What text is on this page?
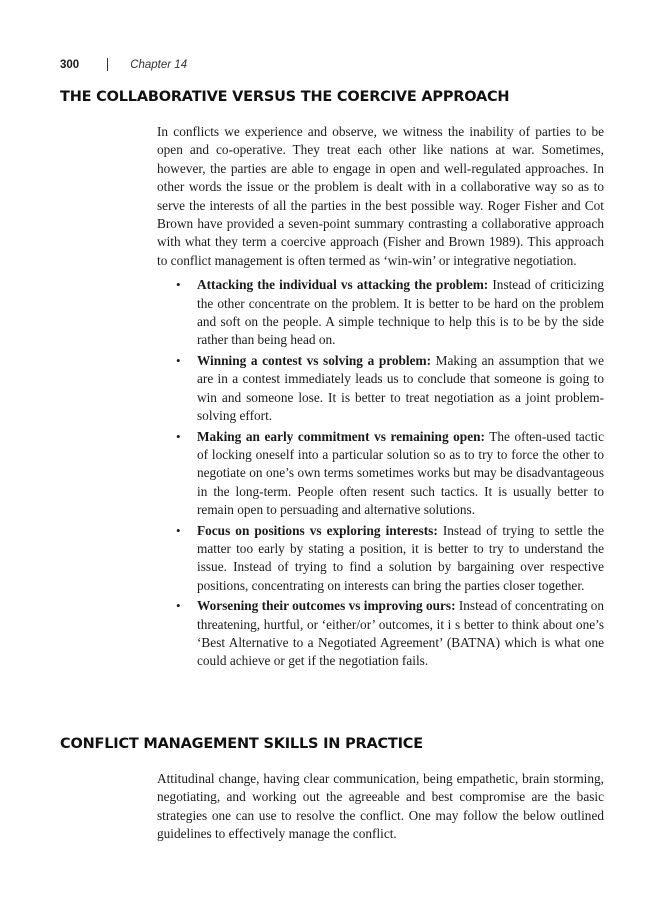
300	Chapter 14
THE COLLABORATIVE VERSUS THE COERCIVE APPROACH

In conflicts we experience and observe, we witness the inability of parties to be open and co-operative. They treat each other like nations at war. Sometimes, however, the parties are able to engage in open and well-regulated approaches. In other words the issue or the problem is dealt with in a collaborative way so as to serve the interests of all the parties in the best possible way. Roger Fisher and Cot Brown have provided a seven-point summary contrasting a collaborative approach with what they term a coercive approach (Fisher and Brown 1989). This approach to conflict management is often termed as ‘win-win’ or integrative negotiation.

• Attacking the individual vs attacking the problem: Instead of criticizing the other concentrate on the problem. It is better to be hard on the problem and soft on the people. A simple technique to help this is to be by the side rather than being head on.
• Winning a contest vs solving a problem: Making an assumption that we are in a contest immediately leads us to conclude that someone is going to win and someone lose. It is better to treat negotiation as a joint problem-solving effort.
• Making an early commitment vs remaining open: The often-used tactic of locking oneself into a particular solution so as to try to force the other to negotiate on one’s own terms sometimes works but may be disadvantageous in the long-term. People often resent such tactics. It is usually better to remain open to persuading and alternative solutions.
• Focus on positions vs exploring interests: Instead of trying to settle the matter too early by stating a position, it is better to try to understand the issue. Instead of trying to find a solution by bargaining over respective positions, concentrating on interests can bring the parties closer together.
• Worsening their outcomes vs improving ours: Instead of concentrating on threatening, hurtful, or ‘either/or’ outcomes, it i s better to think about one’s ‘Best Alternative to a Negotiated Agreement’ (BATNA) which is what one could achieve or get if the negotiation fails.
CONFLICT MANAGEMENT SKILLS IN PRACTICE

Attitudinal change, having clear communication, being empathetic, brain storming, negotiating, and working out the agreeable and best compromise are the basic strategies one can use to resolve the conflict. One may follow the below outlined guidelines to effectively manage the conflict.
